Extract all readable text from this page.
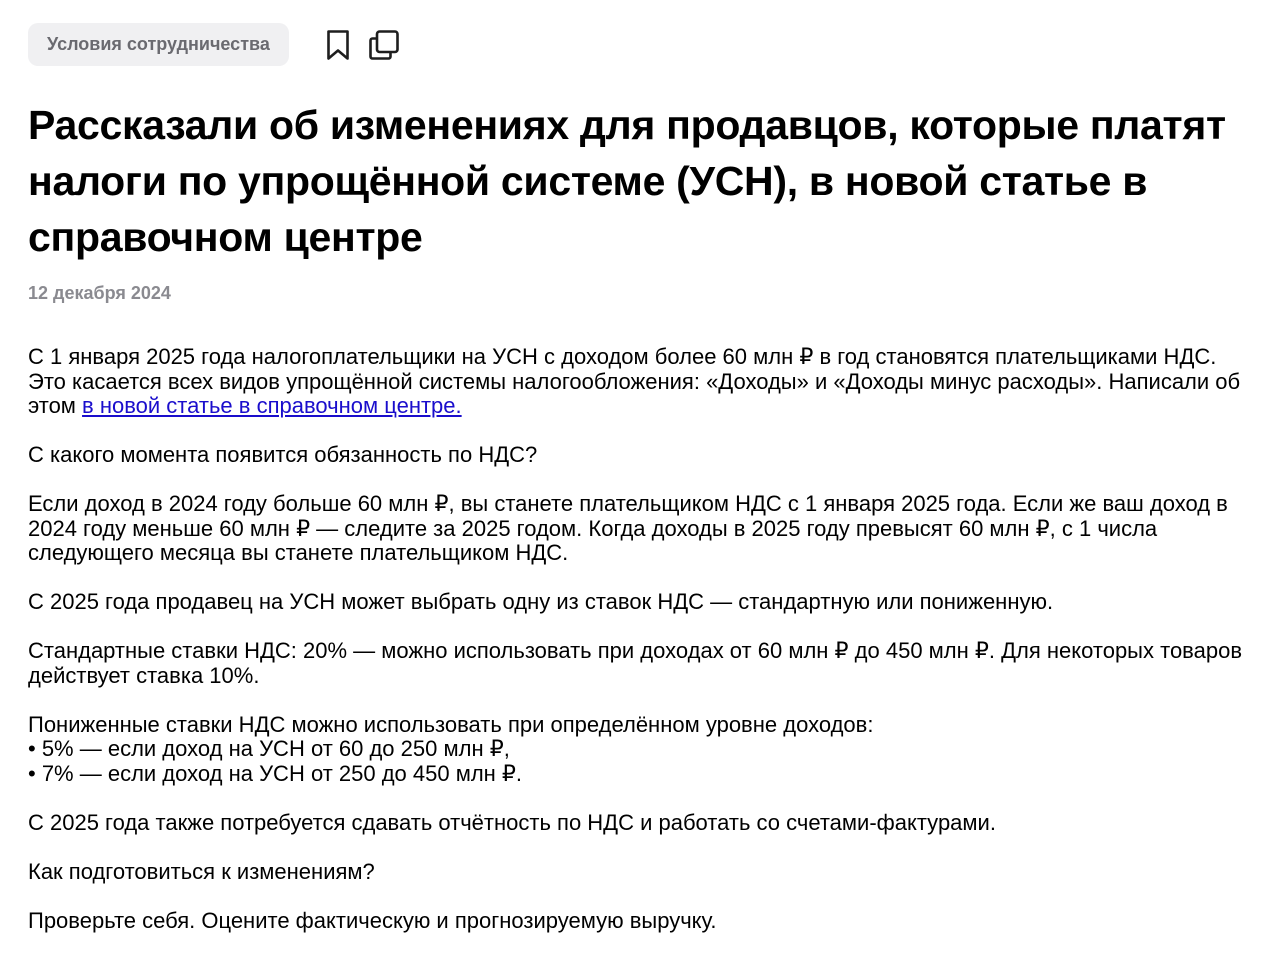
Условия сотрудничества
Рассказали об изменениях для продавцов, которые платят налоги по упрощённой системе (УСН), в новой статье в справочном центре
12 декабря 2024

С 1 января 2025 года налогоплательщики на УСН с доходом более 60 млн ₽ в год становятся плательщиками НДС. Это касается всех видов упрощённой системы налогообложения: «Доходы» и «Доходы минус расходы». Написали об этом в новой статье в справочном центре.

С какого момента появится обязанность по НДС?

Если доход в 2024 году больше 60 млн ₽, вы станете плательщиком НДС с 1 января 2025 года. Если же ваш доход в 2024 году меньше 60 млн ₽ — следите за 2025 годом. Когда доходы в 2025 году превысят 60 млн ₽, с 1 числа следующего месяца вы станете плательщиком НДС.

С 2025 года продавец на УСН может выбрать одну из ставок НДС — стандартную или пониженную.

Стандартные ставки НДС: 20% — можно использовать при доходах от 60 млн ₽ до 450 млн ₽. Для некоторых товаров действует ставка 10%.

Пониженные ставки НДС можно использовать при определённом уровне доходов:
• 5% — если доход на УСН от 60 до 250 млн ₽,
• 7% — если доход на УСН от 250 до 450 млн ₽.

С 2025 года также потребуется сдавать отчётность по НДС и работать со счетами-фактурами.

Как подготовиться к изменениям?

Проверьте себя. Оцените фактическую и прогнозируемую выручку.
